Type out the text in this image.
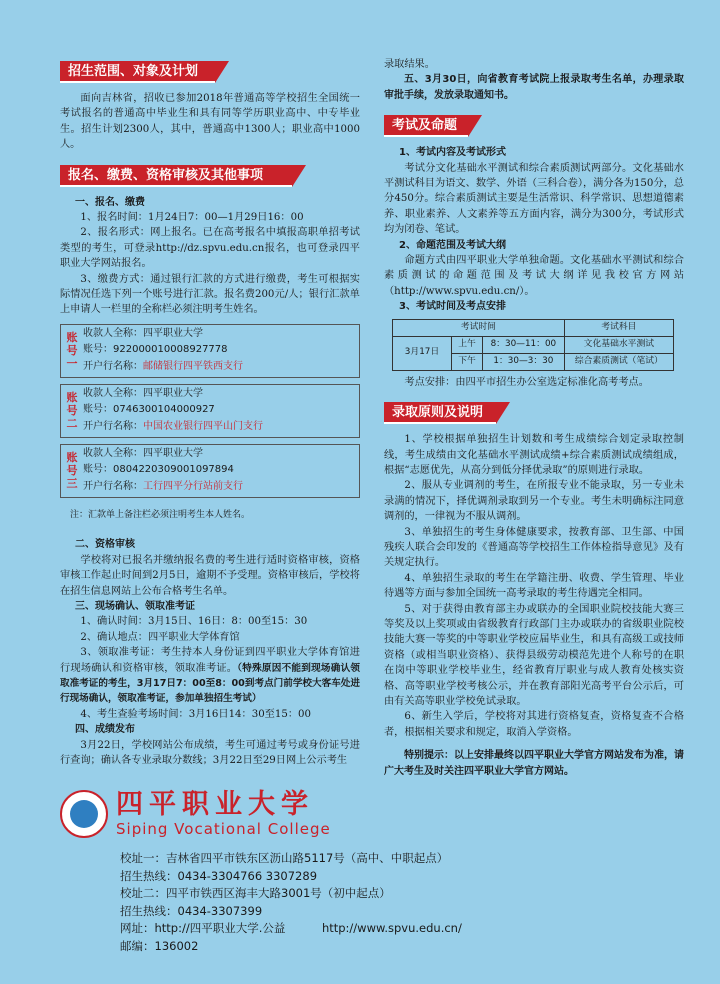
招生范围、对象及计划

面向吉林省，招收已参加2018年普通高等学校招生全国统一考试报名的普通高中毕业生和具有同等学历职业高中、中专毕业生。招生计划2300人，其中，普通高中1300人；职业高中1000人。

报名、缴费、资格审核及其他事项

一、报名、缴费

1、报名时间：1月24日7：00—1月29日16：00

2、报名形式：网上报名。已在高考报名中填报高职单招考试类型的考生，可登录http://dz.spvu.edu.cn报名，也可登录四平职业大学网站报名。

3、缴费方式：通过银行汇款的方式进行缴费，考生可根据实际情况任选下列一个账号进行汇款。报名费200元/人；银行汇款单上申请人一栏里的全称栏必须注明考生姓名。

账号一
收款人全称：四平职业大学
账号：922000010008927778
开户行名称：邮储银行四平铁西支行
账号二
收款人全称：四平职业大学
账号：0746300104000927
开户行名称：中国农业银行四平山门支行
账号三
收款人全称：四平职业大学
账号：0804220309001097894
开户行名称：工行四平分行站前支行
注：汇款单上备注栏必须注明考生本人姓名。

二、资格审核

学校将对已报名并缴纳报名费的考生进行适时资格审核，资格审核工作起止时间到2月5日，逾期不予受理。资格审核后，学校将在招生信息网站上公布合格考生名单。

三、现场确认、领取准考证

1、确认时间：3月15日、16日：8：00至15：30

2、确认地点：四平职业大学体育馆

3、领取准考证：考生持本人身份证到四平职业大学体育馆进行现场确认和资格审核，领取准考证。（特殊原因不能到现场确认领取准考证的考生，3月17日7：00至8：00到考点门前学校大客车处进行现场确认，领取准考证，参加单独招生考试）

4、考生查验考场时间：3月16日14：30至15：00

四、成绩发布

3月22日，学校网站公布成绩，考生可通过考号或身份证号进行查询；确认各专业录取分数线；3月22日至29日网上公示考生

录取结果。

五、3月30日，向省教育考试院上报录取考生名单，办理录取审批手续，发放录取通知书。

考试及命题

1、考试内容及考试形式

考试分文化基础水平测试和综合素质测试两部分。文化基础水平测试科目为语文、数学、外语（三科合卷），满分各为150分，总分450分。综合素质测试主要是生活常识、科学常识、思想道德素养、职业素养、人文素养等五方面内容，满分为300分，考试形式均为闭卷、笔试。

2、命题范围及考试大纲

命题方式由四平职业大学单独命题。文化基础水平测试和综合素质测试的命题范围及考试大纲详见我校官方网站（http://www.spvu.edu.cn/）。

3、考试时间及考点安排

考试时间			考试科目
3月17日	上午	8：30—11：00	文化基础水平测试
	下午	1：30—3：30	综合素质测试（笔试）

考点安排：由四平市招生办公室选定标准化高考考点。

录取原则及说明

1、学校根据单独招生计划数和考生成绩综合划定录取控制线，考生成绩由文化基础水平测试成绩+综合素质测试成绩组成，根据“志愿优先，从高分到低分择优录取”的原则进行录取。

2、服从专业调剂的考生，在所报专业不能录取，另一专业未录满的情况下，择优调剂录取到另一个专业。考生未明确标注同意调剂的，一律视为不服从调剂。

3、单独招生的考生身体健康要求，按教育部、卫生部、中国残疾人联合会印发的《普通高等学校招生工作体检指导意见》及有关规定执行。

4、单独招生录取的考生在学籍注册、收费、学生管理、毕业待遇等方面与参加全国统一高考录取的考生待遇完全相同。

5、对于获得由教育部主办或联办的全国职业院校技能大赛三等奖及以上奖项或由省级教育行政部门主办或联办的省级职业院校技能大赛一等奖的中等职业学校应届毕业生，和具有高级工或技师资格（或相当职业资格）、获得县级劳动模范先进个人称号的在职在岗中等职业学校毕业生，经省教育厅职业与成人教育处核实资格、高等职业学校考核公示，并在教育部阳光高考平台公示后，可由有关高等职业学校免试录取。

6、新生入学后，学校将对其进行资格复查，资格复查不合格者，根据相关要求和规定，取消入学资格。

特别提示：以上安排最终以四平职业大学官方网站发布为准，请广大考生及时关注四平职业大学官方网站。

四平职业大学
Siping Vocational College
校址一：吉林省四平市铁东区沥山路5117号（高中、中职起点）
招生热线：0434-3304766 3307289
校址二：四平市铁西区海丰大路3001号（初中起点）
招生热线：0434-3307399
网址：http://四平职业大学.公益          http://www.spvu.edu.cn/
邮编：136002
